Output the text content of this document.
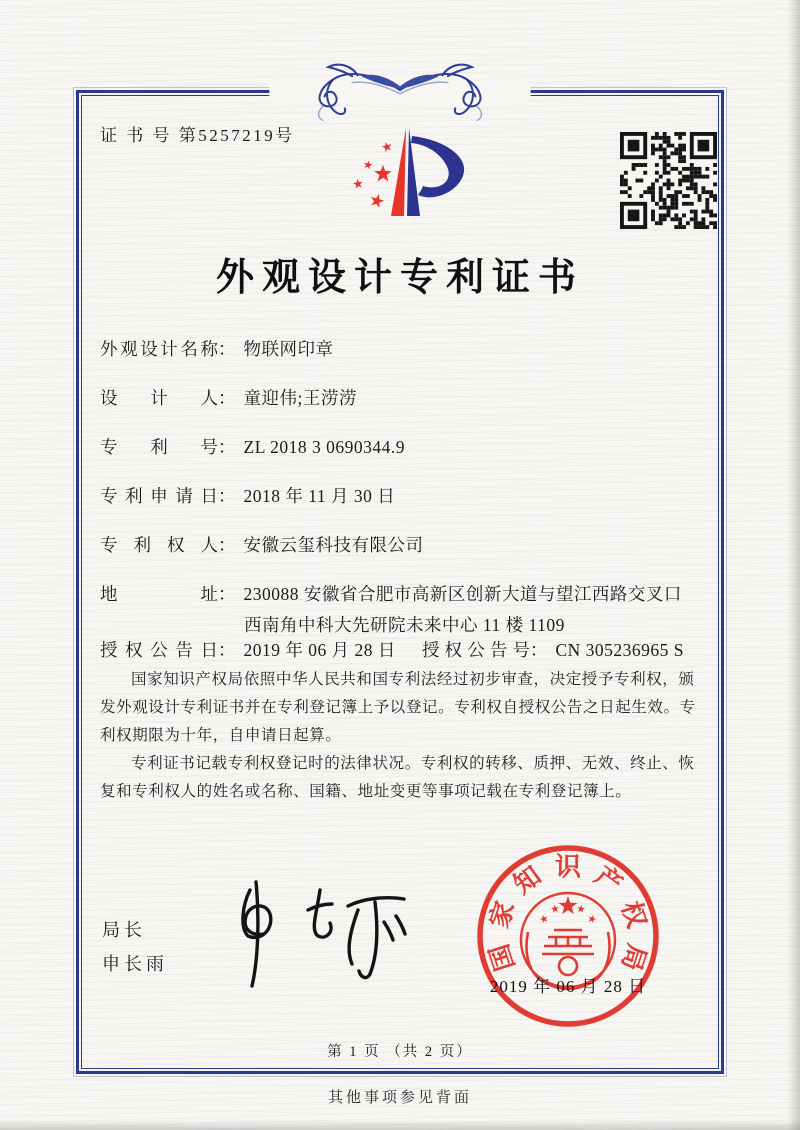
证 书 号 第5257219号
外观设计专利证书
外观设计名称 ： 物联网印章
设计人 ： 童迎伟;王涝涝
专利号 ： ZL 2018 3 0690344.9
专利申请日 ： 2018 年 11 月 30 日
专利权人 ： 安徽云玺科技有限公司
地址 ： 230088 安徽省合肥市高新区创新大道与望江西路交叉口
西南角中科大先研院未来中心 11 楼 1109
授权公告日 ： 2019 年 06 月 28 日 授权公告号 ： CN 305236965 S

国家知识产权局依照中华人民共和国专利法经过初步审查，决定授予专利权，颁发外观设计专利证书并在专利登记簿上予以登记。专利权自授权公告之日起生效。专利权期限为十年，自申请日起算。

专利证书记载专利权登记时的法律状况。专利权的转移、质押、无效、终止、恢复和专利权人的姓名或名称、国籍、地址变更等事项记载在专利登记簿上。

局长
申长雨	国
家
知 识 产
权
局
2019 年 06 月 28 日
第 1 页 （共 2 页）
其他事项参见背面
